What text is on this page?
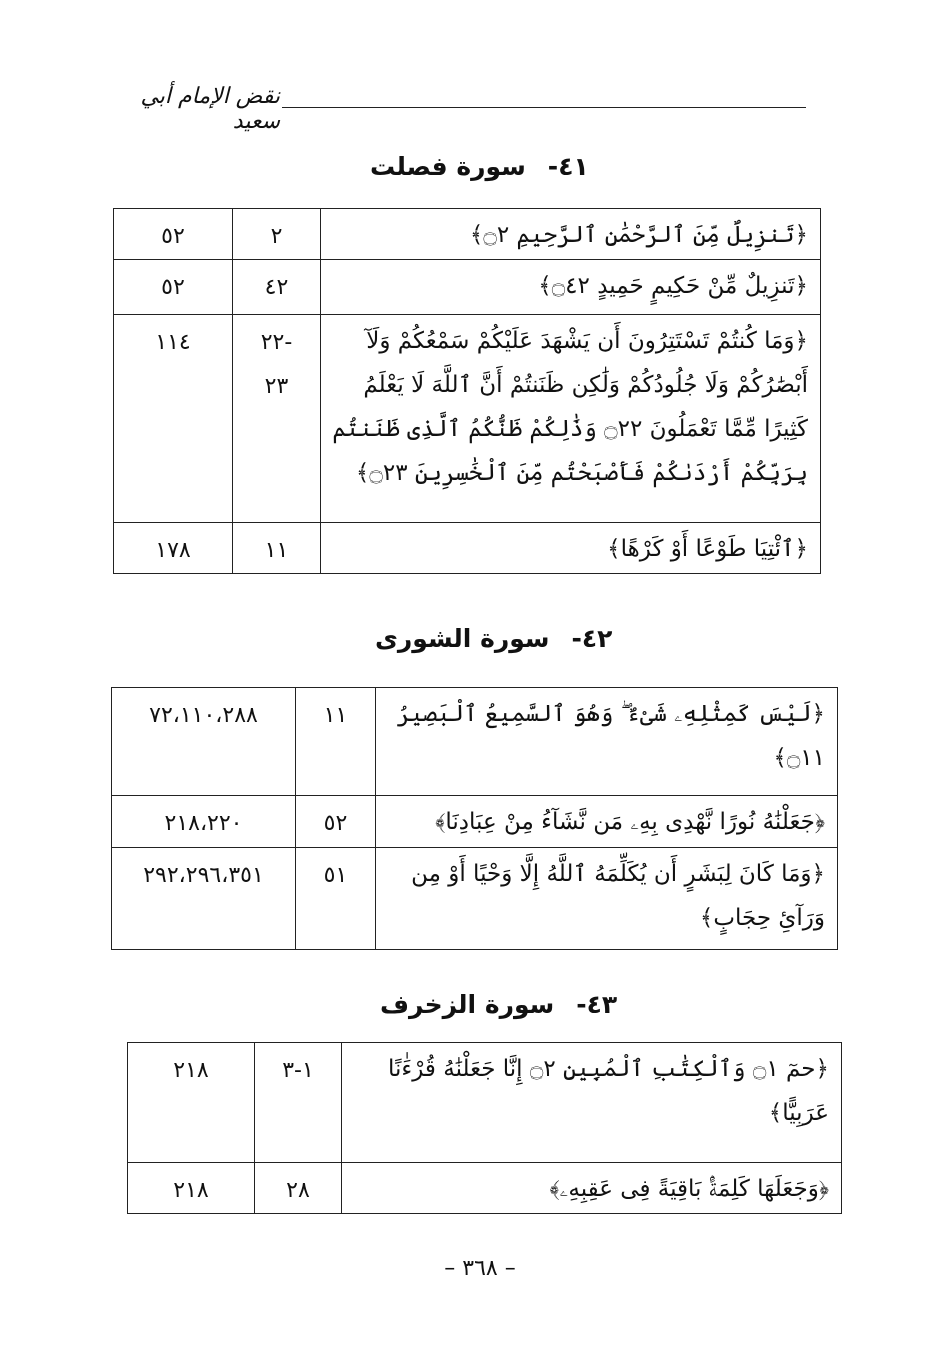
نقض الإمام أبي سعيد
٤١-سورة فصلت
﴿تَنزِيلٌ مِّنَ ٱلرَّحْمَٰنِ ٱلرَّحِيمِ ۝٢﴾	٢	٥٢

﴿تَنزِيلٌ مِّنْ حَكِيمٍ حَمِيدٍ ۝٤٢﴾	٤٢	٥٢

﴿وَمَا كُنتُمْ تَسْتَتِرُونَ أَن يَشْهَدَ عَلَيْكُمْ سَمْعُكُمْ وَلَآ أَبْصَٰرُكُمْ وَلَا جُلُودُكُمْ وَلَٰكِن ظَنَنتُمْ أَنَّ ٱللَّهَ لَا يَعْلَمُ كَثِيرًا مِّمَّا تَعْمَلُونَ ۝٢٢ وَذَٰلِكُمْ ظَنُّكُمُ ٱلَّذِى ظَنَنتُم بِرَبِّكُمْ أَرْدَىٰكُمْ فَأَصْبَحْتُم مِّنَ ٱلْخَٰسِرِينَ ۝٢٣﴾	-٢٢ ٢٣	١١٤

﴿ٱئْتِيَا طَوْعًا أَوْ كَرْهًا﴾	١١	١٧٨
٤٢-سورة الشورى
﴿لَيْسَ كَمِثْلِهِۦ شَىْءٌ ۖ وَهُوَ ٱلسَّمِيعُ ٱلْبَصِيرُ ۝١١﴾	١١	٧٢،١١٠،٢٨٨

﴿جَعَلْنَٰهُ نُورًا نَّهْدِى بِهِۦ مَن نَّشَآءُ مِنْ عِبَادِنَا﴾	٥٢	٢١٨،٢٢٠

﴿وَمَا كَانَ لِبَشَرٍ أَن يُكَلِّمَهُ ٱللَّهُ إِلَّا وَحْيًا أَوْ مِن وَرَآئِ حِجَابٍ﴾	٥١	٢٩٢،٢٩٦،٣٥١
٤٣-سورة الزخرف
﴿حمٓ ۝١ وَٱلْكِتَٰبِ ٱلْمُبِينِ ۝٢ إِنَّا جَعَلْنَٰهُ قُرْءَٰنًا عَرَبِيًّا﴾	١-٣	٢١٨

﴿وَجَعَلَهَا كَلِمَةًۢ بَاقِيَةً فِى عَقِبِهِۦ﴾	٢٨	٢١٨
– ٣٦٨ –
